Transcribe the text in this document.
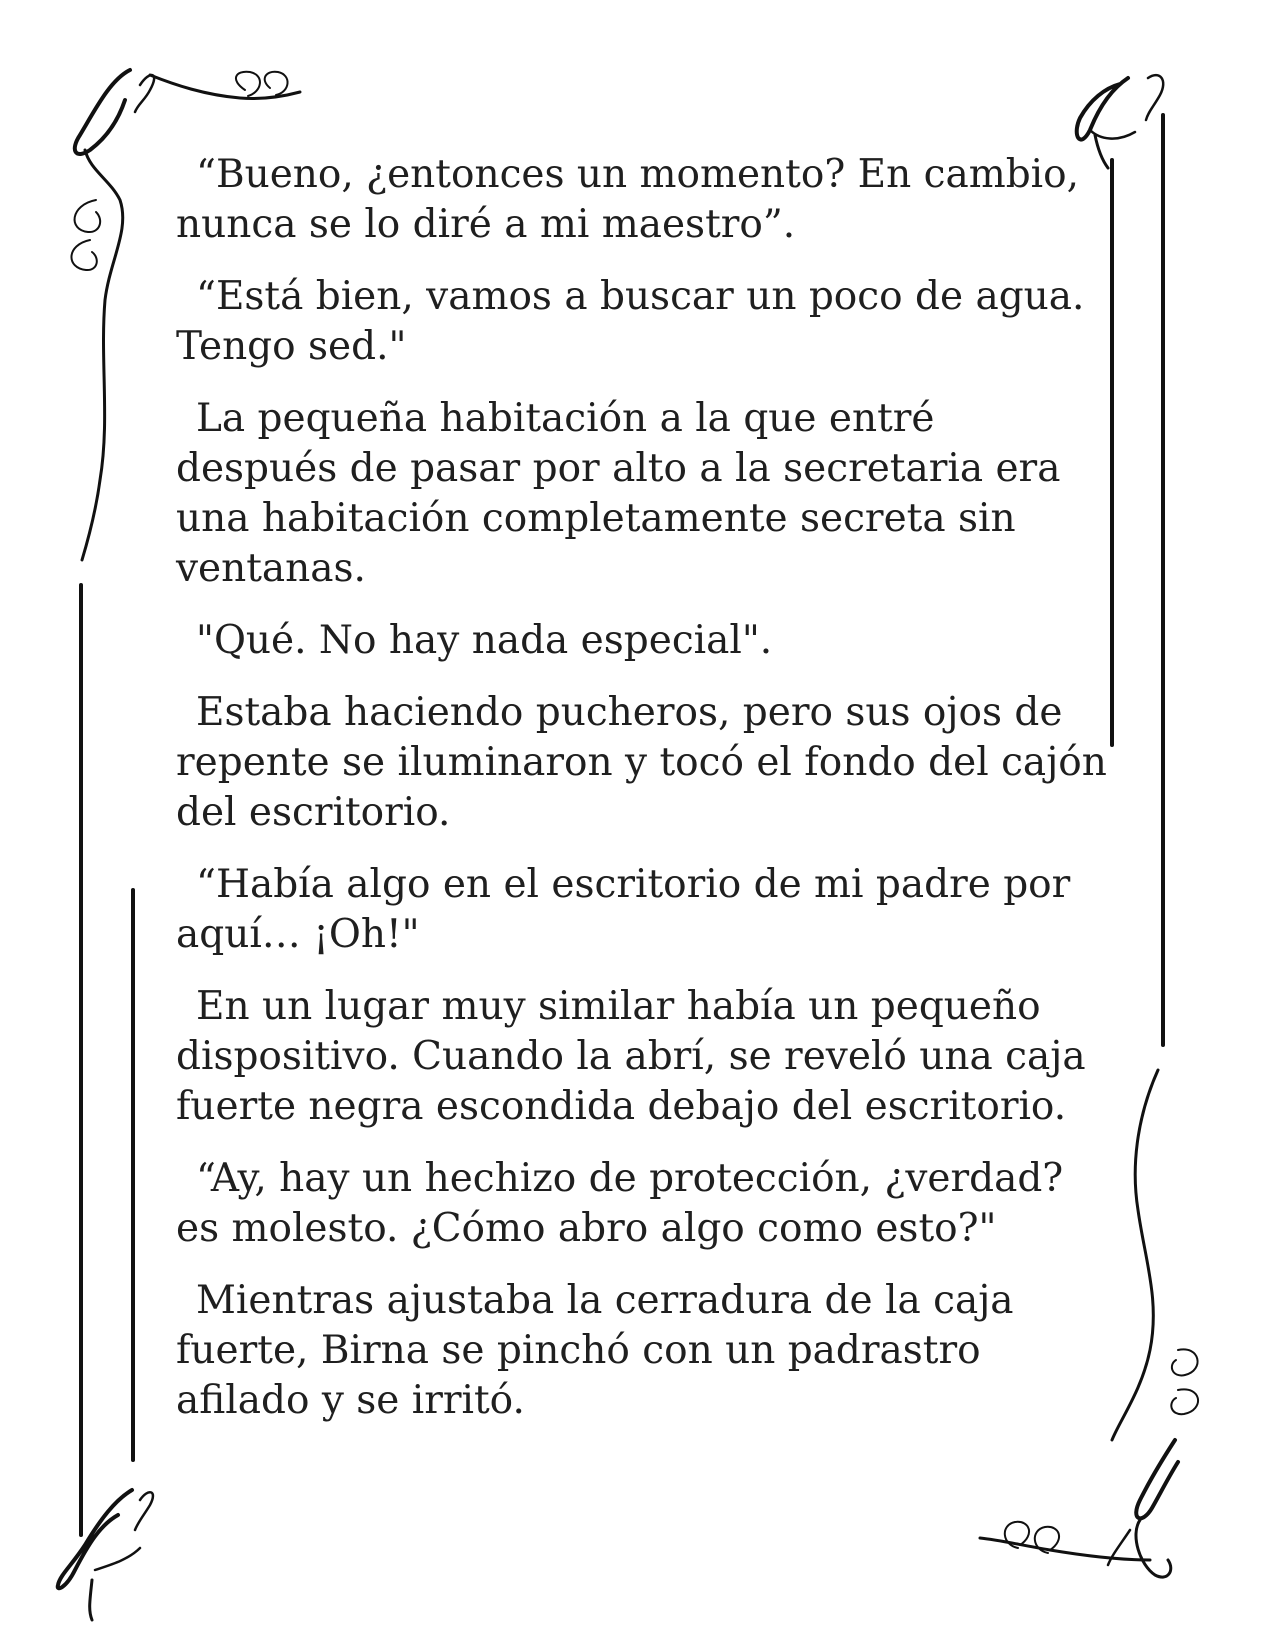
“Bueno, ¿entonces un momento? En cambio,
nunca se lo diré a mi maestro”.

“Está bien, vamos a buscar un poco de agua.
Tengo sed."

La pequeña habitación a la que entré
después de pasar por alto a la secretaria era
una habitación completamente secreta sin
ventanas.

"Qué. No hay nada especial".

Estaba haciendo pucheros, pero sus ojos de
repente se iluminaron y tocó el fondo del cajón
del escritorio.

“Había algo en el escritorio de mi padre por
aquí… ¡Oh!"

En un lugar muy similar había un pequeño
dispositivo. Cuando la abrí, se reveló una caja
fuerte negra escondida debajo del escritorio.

“Ay, hay un hechizo de protección, ¿verdad?
es molesto. ¿Cómo abro algo como esto?"

Mientras ajustaba la cerradura de la caja
fuerte, Birna se pinchó con un padrastro
afilado y se irritó.
